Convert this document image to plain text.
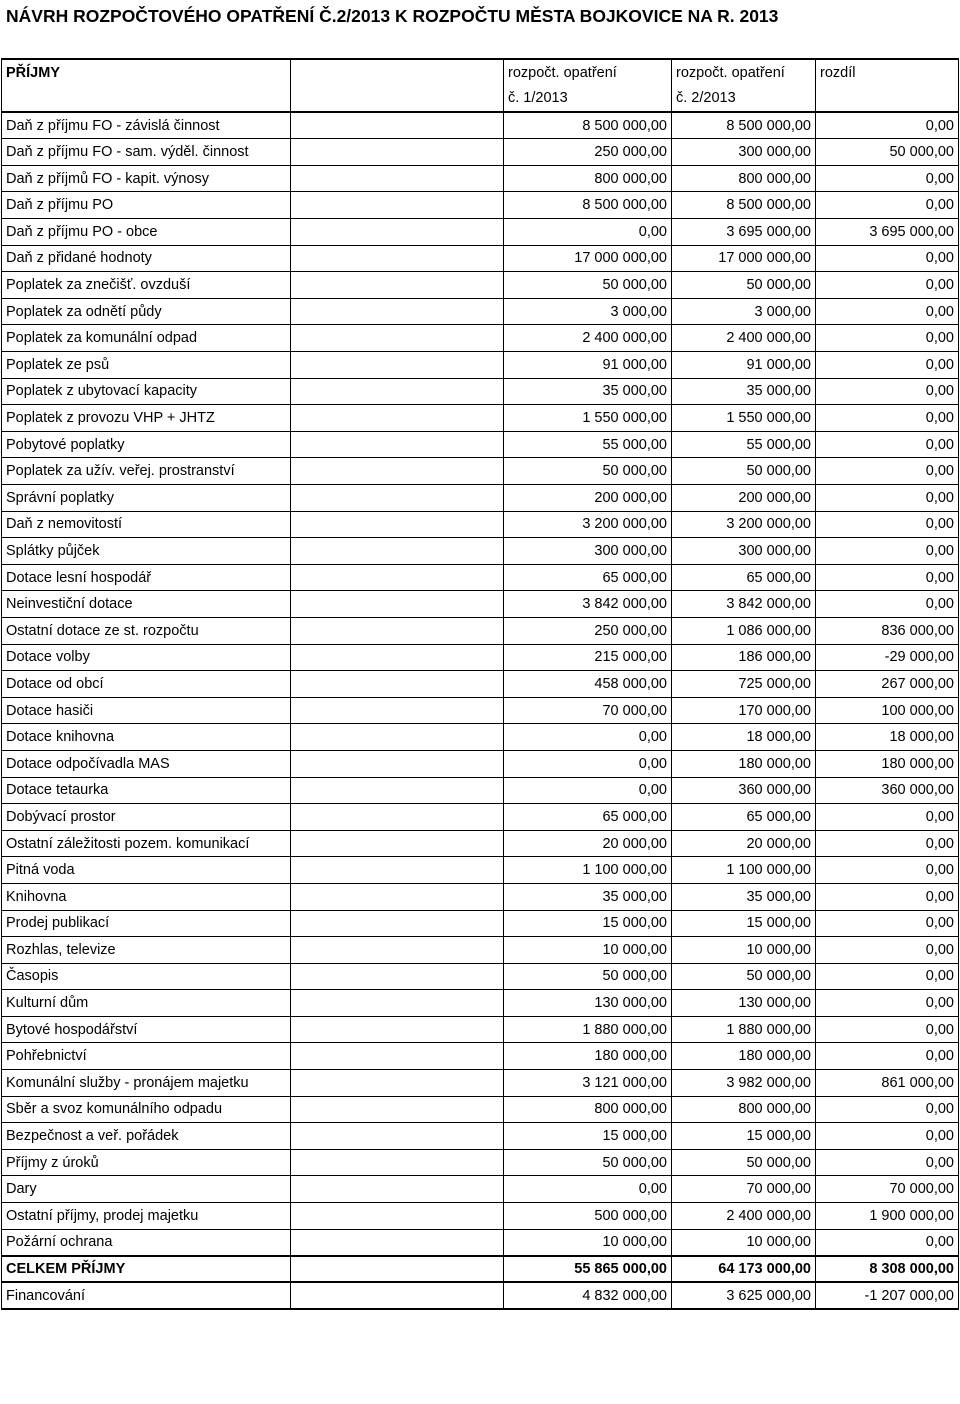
NÁVRH ROZPOČTOVÉHO OPATŘENÍ Č.2/2013 K ROZPOČTU MĚSTA BOJKOVICE NA R. 2013
PŘÍJMY		rozpočt. opatření	rozpočt. opatření	rozdíl
		č. 1/2013	č. 2/2013	
Daň z příjmu FO - závislá činnost		8 500 000,00	8 500 000,00	0,00
Daň z příjmu FO - sam. výděl. činnost		250 000,00	300 000,00	50 000,00
Daň z příjmů FO - kapit. výnosy		800 000,00	800 000,00	0,00
Daň z příjmu PO		8 500 000,00	8 500 000,00	0,00
Daň z příjmu PO - obce		0,00	3 695 000,00	3 695 000,00
Daň z přidané hodnoty		17 000 000,00	17 000 000,00	0,00
Poplatek za znečišť. ovzduší		50 000,00	50 000,00	0,00
Poplatek za odnětí půdy		3 000,00	3 000,00	0,00
Poplatek za komunální odpad		2 400 000,00	2 400 000,00	0,00
Poplatek ze psů		91 000,00	91 000,00	0,00
Poplatek z ubytovací kapacity		35 000,00	35 000,00	0,00
Poplatek z provozu VHP + JHTZ		1 550 000,00	1 550 000,00	0,00
Pobytové poplatky		55 000,00	55 000,00	0,00
Poplatek za užív. veřej. prostranství		50 000,00	50 000,00	0,00
Správní poplatky		200 000,00	200 000,00	0,00
Daň z nemovitostí		3 200 000,00	3 200 000,00	0,00
Splátky půjček		300 000,00	300 000,00	0,00
Dotace lesní hospodář		65 000,00	65 000,00	0,00
Neinvestiční dotace		3 842 000,00	3 842 000,00	0,00
Ostatní dotace ze st. rozpočtu		250 000,00	1 086 000,00	836 000,00
Dotace volby		215 000,00	186 000,00	-29 000,00
Dotace od obcí		458 000,00	725 000,00	267 000,00
Dotace hasiči		70 000,00	170 000,00	100 000,00
Dotace knihovna		0,00	18 000,00	18 000,00
Dotace odpočívadla MAS		0,00	180 000,00	180 000,00
Dotace tetaurka		0,00	360 000,00	360 000,00
Dobývací prostor		65 000,00	65 000,00	0,00
Ostatní záležitosti pozem. komunikací		20 000,00	20 000,00	0,00
Pitná voda		1 100 000,00	1 100 000,00	0,00
Knihovna		35 000,00	35 000,00	0,00
Prodej publikací		15 000,00	15 000,00	0,00
Rozhlas, televize		10 000,00	10 000,00	0,00
Časopis		50 000,00	50 000,00	0,00
Kulturní dům		130 000,00	130 000,00	0,00
Bytové hospodářství		1 880 000,00	1 880 000,00	0,00
Pohřebnictví		180 000,00	180 000,00	0,00
Komunální služby - pronájem majetku		3 121 000,00	3 982 000,00	861 000,00
Sběr a svoz komunálního odpadu		800 000,00	800 000,00	0,00
Bezpečnost a veř. pořádek		15 000,00	15 000,00	0,00
Příjmy z úroků		50 000,00	50 000,00	0,00
Dary		0,00	70 000,00	70 000,00
Ostatní příjmy, prodej majetku		500 000,00	2 400 000,00	1 900 000,00
Požární ochrana		10 000,00	10 000,00	0,00
CELKEM PŘÍJMY		55 865 000,00	64 173 000,00	8 308 000,00
Financování		4 832 000,00	3 625 000,00	-1 207 000,00
